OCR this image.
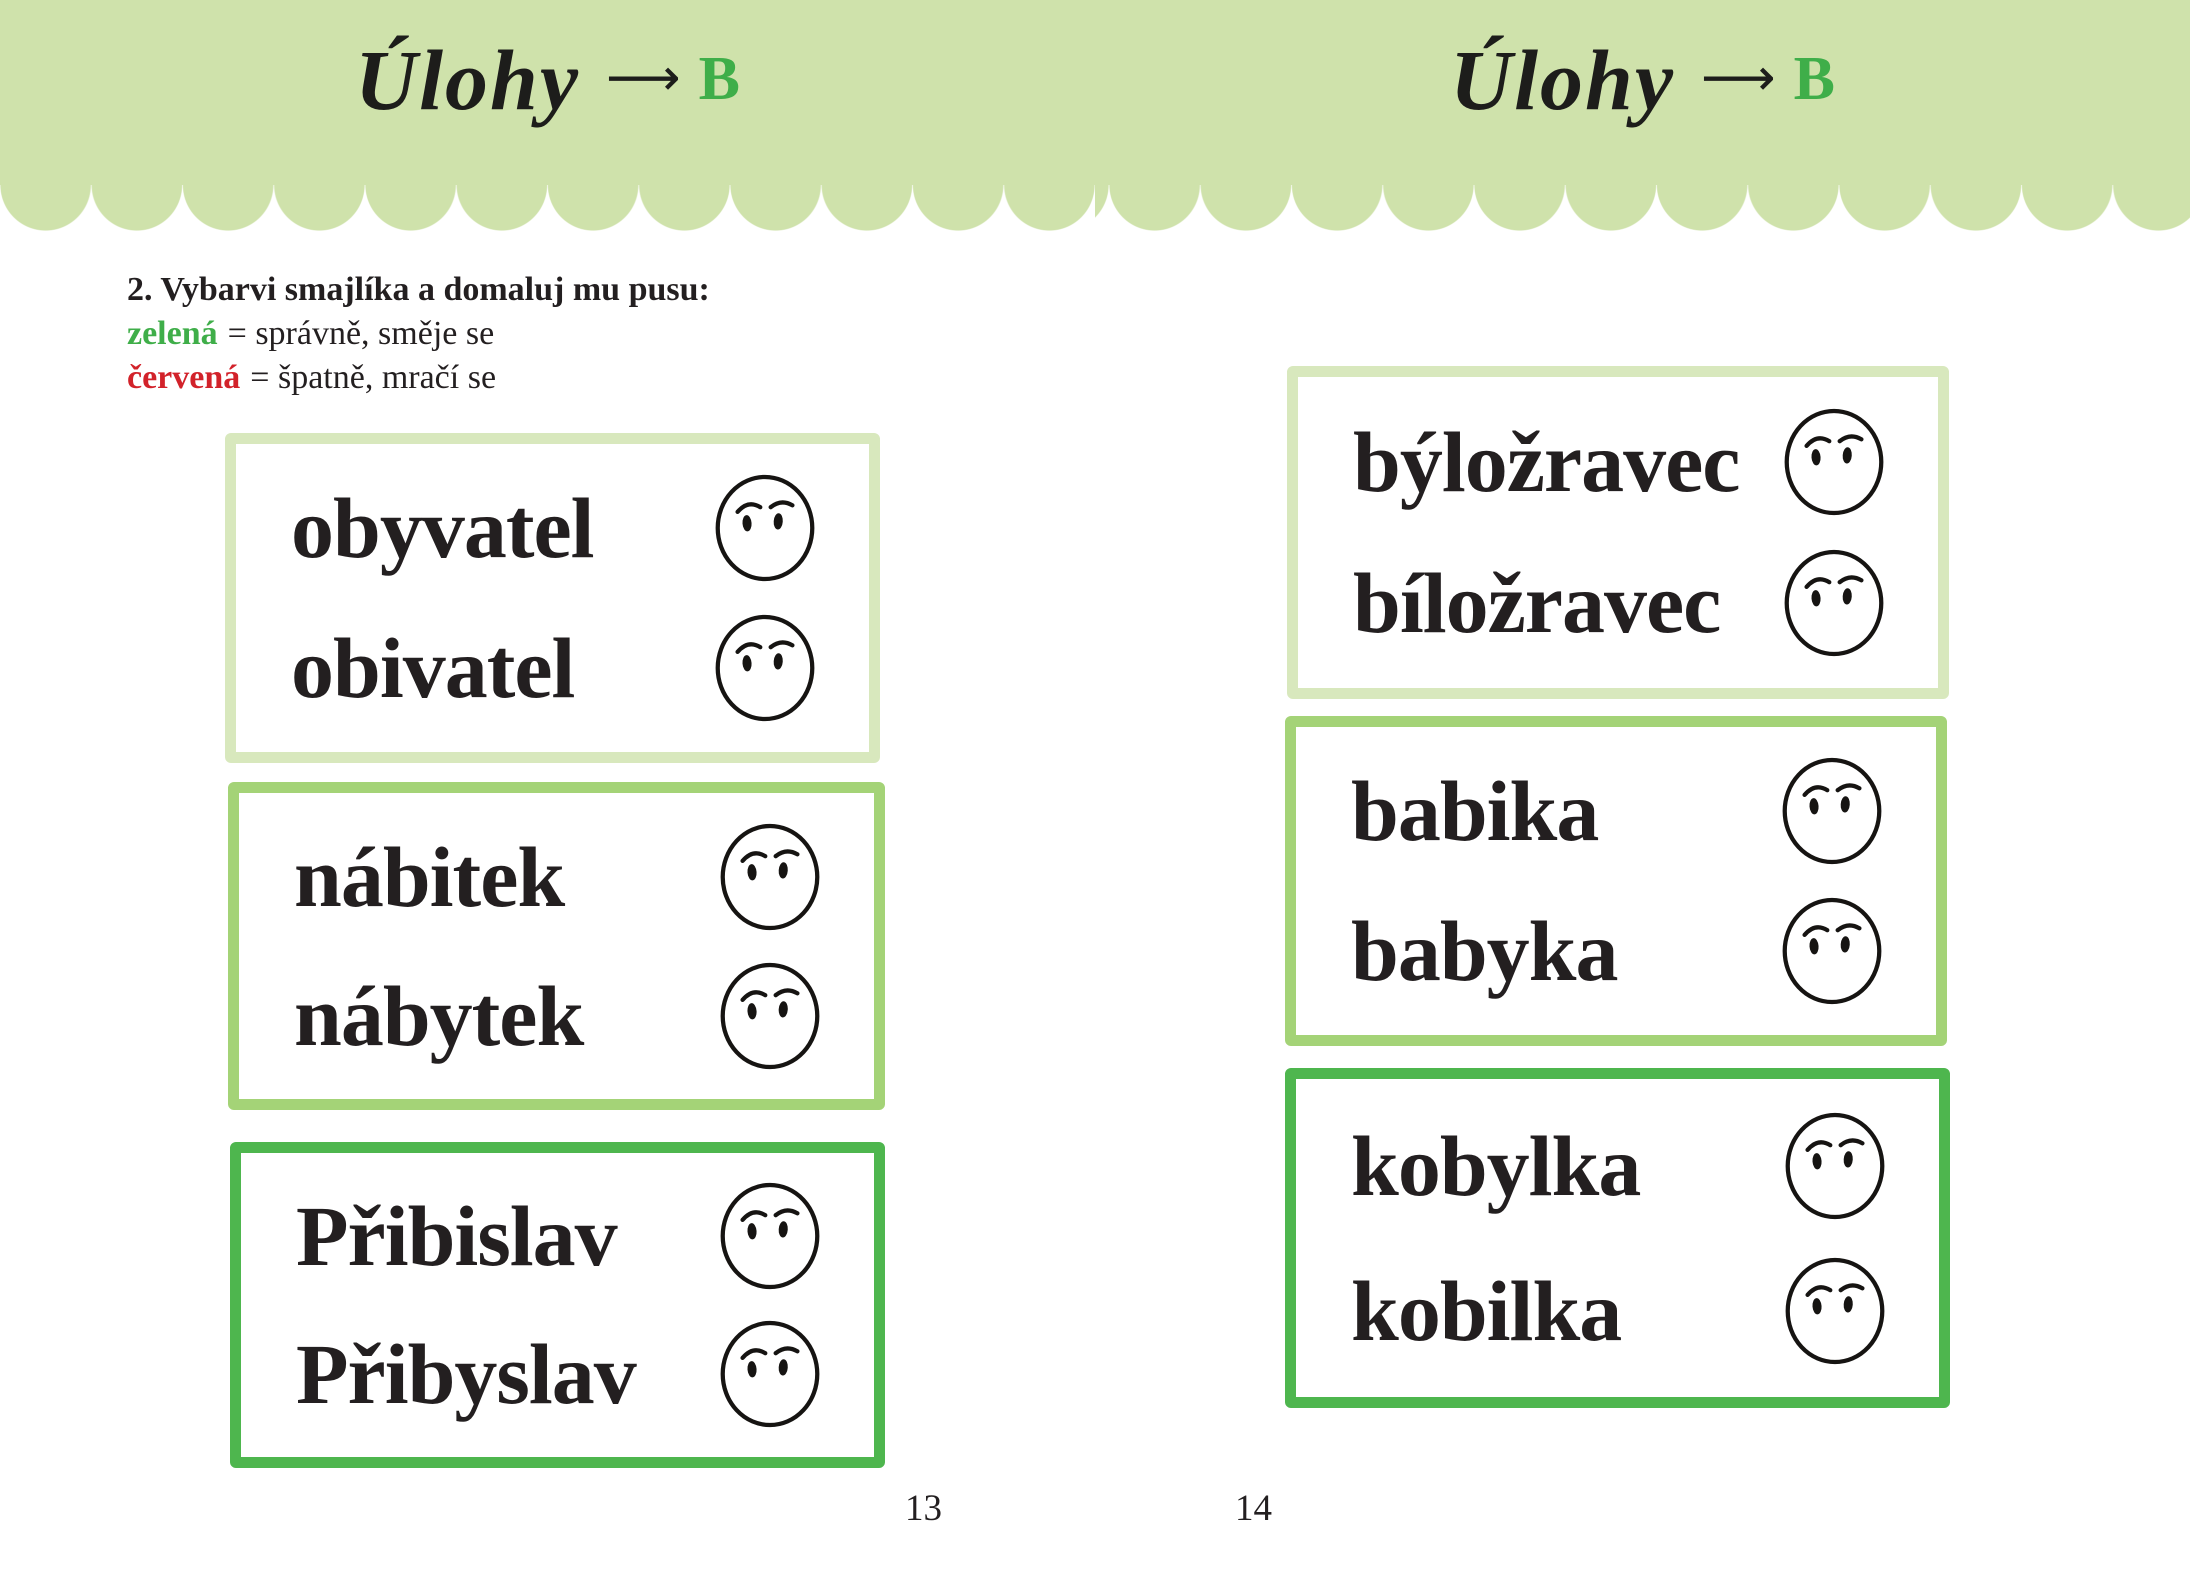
Úlohy ⟶ B
2. Vybarvi smajlíka a domaluj mu pusu:
zelená = správně, směje se
červená = špatně, mračí se
obyvatel
obivatel
nábitek
nábytek
Přibislav
Přibyslav
13
Úlohy ⟶ B
býložravec
bíložravec
babika
babyka
kobylka
kobilka
14
